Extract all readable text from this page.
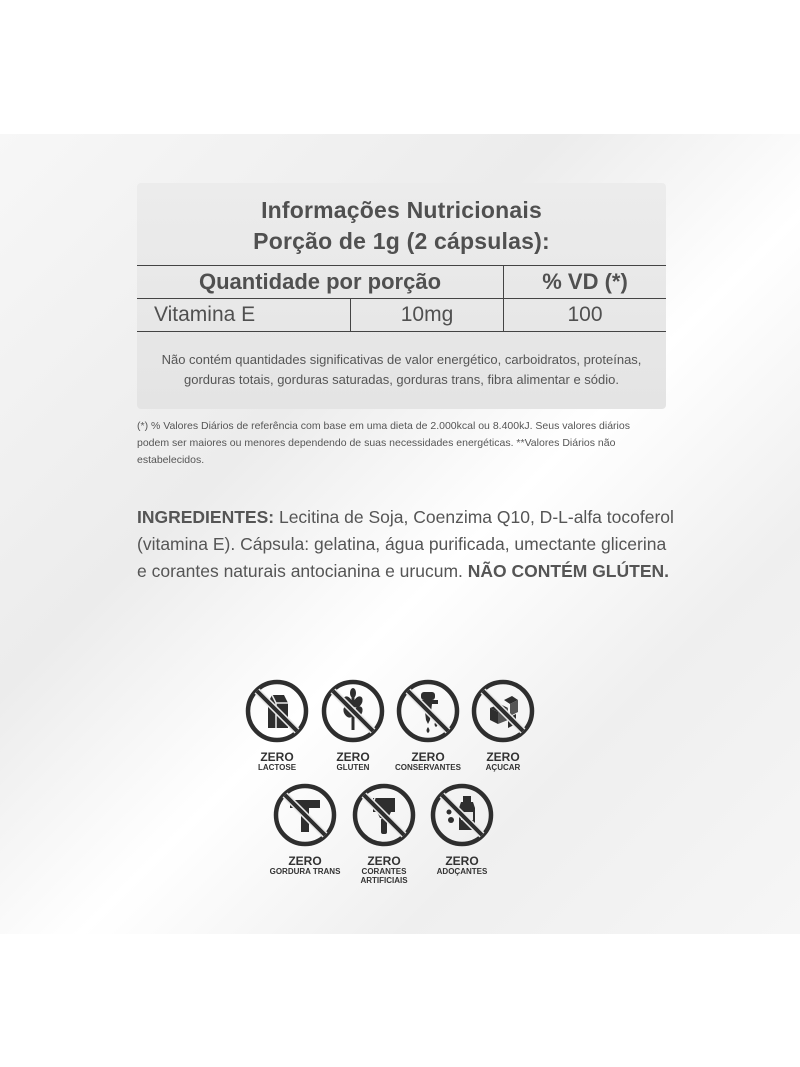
Informações Nutricionais
Porção de 1g (2 cápsulas):
Quantidade por porção		% VD (*)
Vitamina E	10mg	100
Não contém quantidades significativas de valor energético, carboidratos, proteínas,
gorduras totais, gorduras saturadas, gorduras trans, fibra alimentar e sódio.
(*) % Valores Diários de referência com base em uma dieta de 2.000kcal ou 8.400kJ. Seus valores diários
podem ser maiores ou menores dependendo de suas necessidades energéticas. **Valores Diários não
estabelecidos.
INGREDIENTES: Lecitina de Soja, Coenzima Q10, D-L-alfa tocoferol (vitamina E). Cápsula: gelatina, água purificada, umectante glicerina e corantes naturais antocianina e urucum. NÃO CONTÉM GLÚTEN.
ZERO
LACTOSE
ZERO
GLUTEN
ZERO
CONSERVANTES
ZERO
AÇUCAR
ZERO
GORDURA TRANS
ZERO
CORANTES
ARTIFICIAIS
ZERO
ADOÇANTES
